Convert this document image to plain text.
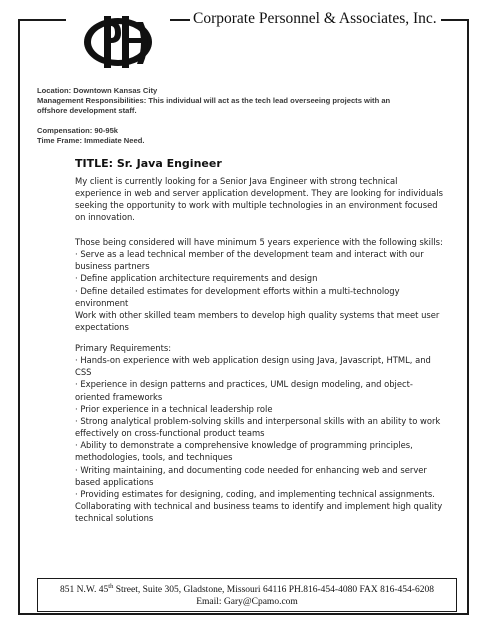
Corporate Personnel & Associates, Inc.
Location: Downtown Kansas City
Management Responsibilities: This individual will act as the tech lead overseeing projects with an
offshore development staff.
Compensation: 90-95k
Time Frame: Immediate Need.
TITLE: Sr. Java Engineer
My client is currently looking for a Senior Java Engineer with strong technical
experience in web and server application development. They are looking for individuals
seeking the opportunity to work with multiple technologies in an environment focused
on innovation.
Those being considered will have minimum 5 years experience with the following skills:
· Serve as a lead technical member of the development team and interact with our
business partners
· Define application architecture requirements and design
· Define detailed estimates for development efforts within a multi-technology
environment
Work with other skilled team members to develop high quality systems that meet user
expectations
Primary Requirements:
· Hands-on experience with web application design using Java, Javascript, HTML, and
CSS
· Experience in design patterns and practices, UML design modeling, and object-
oriented frameworks
· Prior experience in a technical leadership role
· Strong analytical problem-solving skills and interpersonal skills with an ability to work
effectively on cross-functional product teams
· Ability to demonstrate a comprehensive knowledge of programming principles,
methodologies, tools, and techniques
· Writing maintaining, and documenting code needed for enhancing web and server
based applications
· Providing estimates for designing, coding, and implementing technical assignments.
Collaborating with technical and business teams to identify and implement high quality
technical solutions
851 N.W. 45th Street, Suite 305, Gladstone, Missouri 64116 PH.816-454-4080 FAX 816-454-6208
Email: Gary@Cpamo.com
